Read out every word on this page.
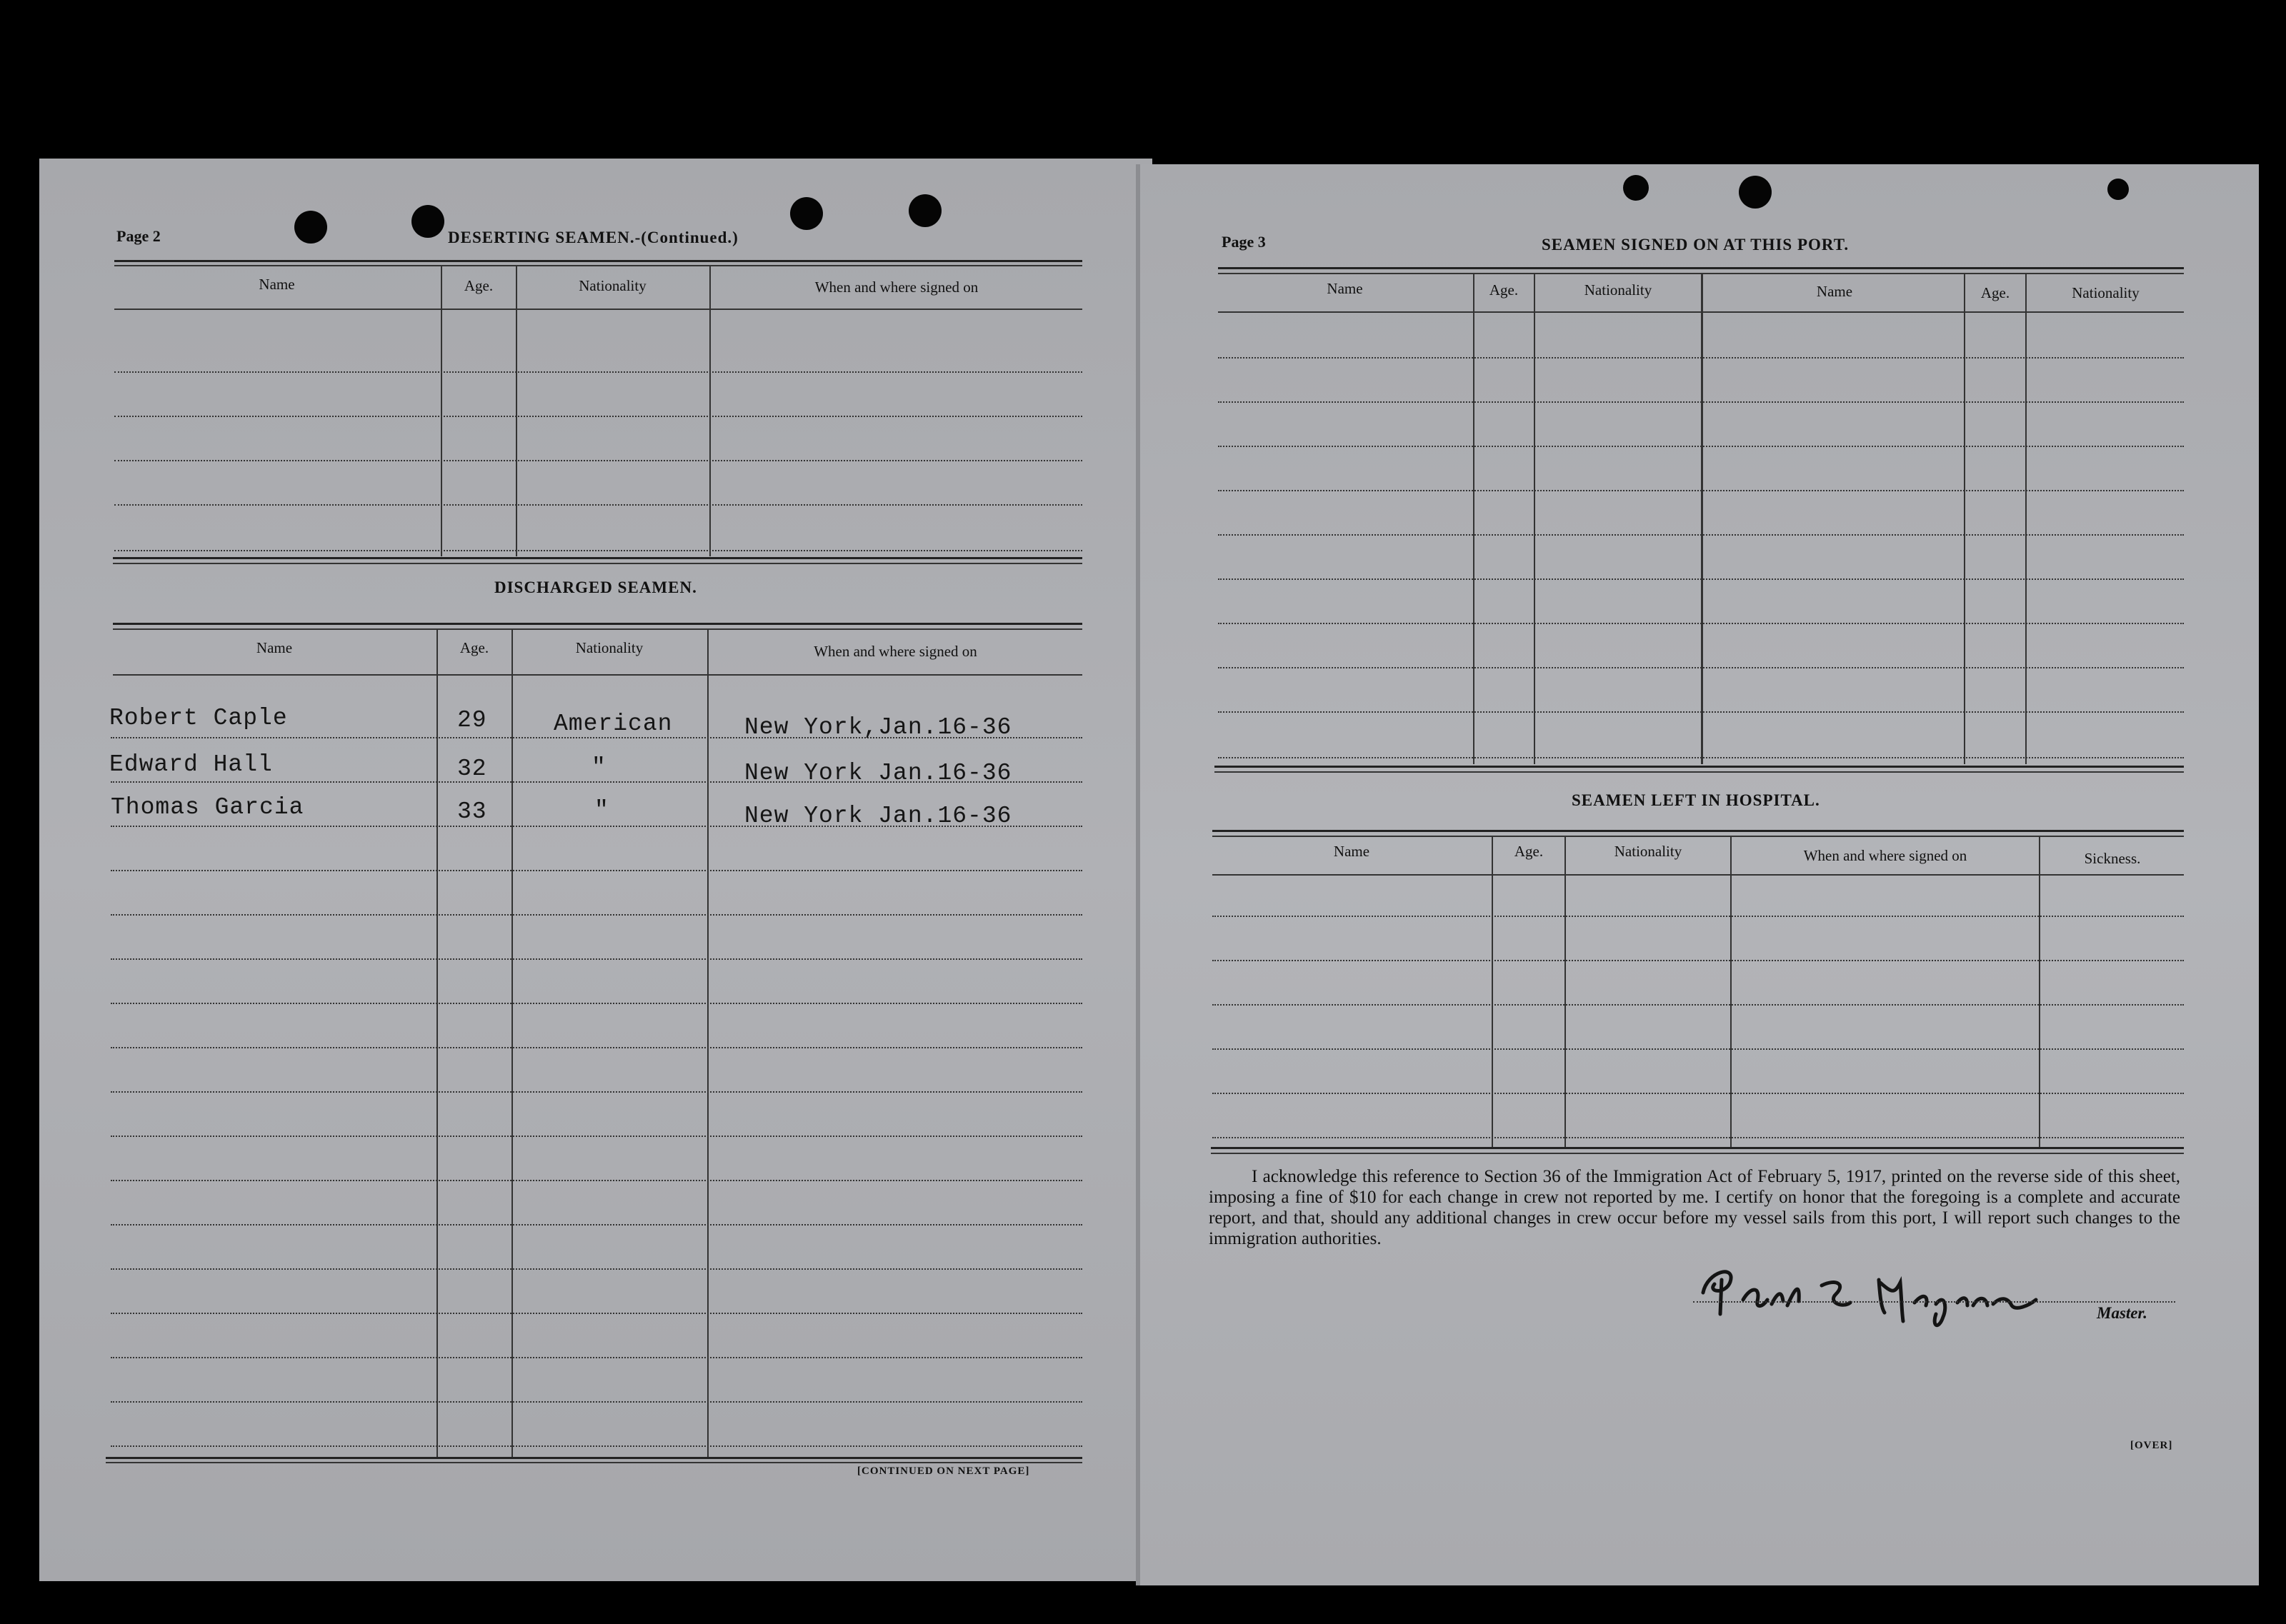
Page 2	DESERTING SEAMEN.-(Continued.)
Name	Age.	Nationality	When and where signed on
DISCHARGED SEAMEN.
Name	Age.	Nationality	When and where signed on
Robert Caple	29	American	New York,Jan.16-36
Edward Hall	32	"	New York Jan.16-36
Thomas Garcia	33	"	New York Jan.16-36
[CONTINUED ON NEXT PAGE]
Page 3	SEAMEN SIGNED ON AT THIS PORT.
Name	Age.	Nationality	Name	Age.	Nationality
SEAMEN LEFT IN HOSPITAL.
Name	Age.	Nationality	When and where signed on	Sickness.
I acknowledge this reference to Section 36 of the Immigration Act of February 5, 1917, printed on the reverse side of this sheet, imposing a fine of $10 for each change in crew not reported by me. I certify on honor that the foregoing is a complete and accurate report, and that, should any additional changes in crew occur before my vessel sails from this port, I will report such changes to the immigration authorities.
Master.
[OVER]
